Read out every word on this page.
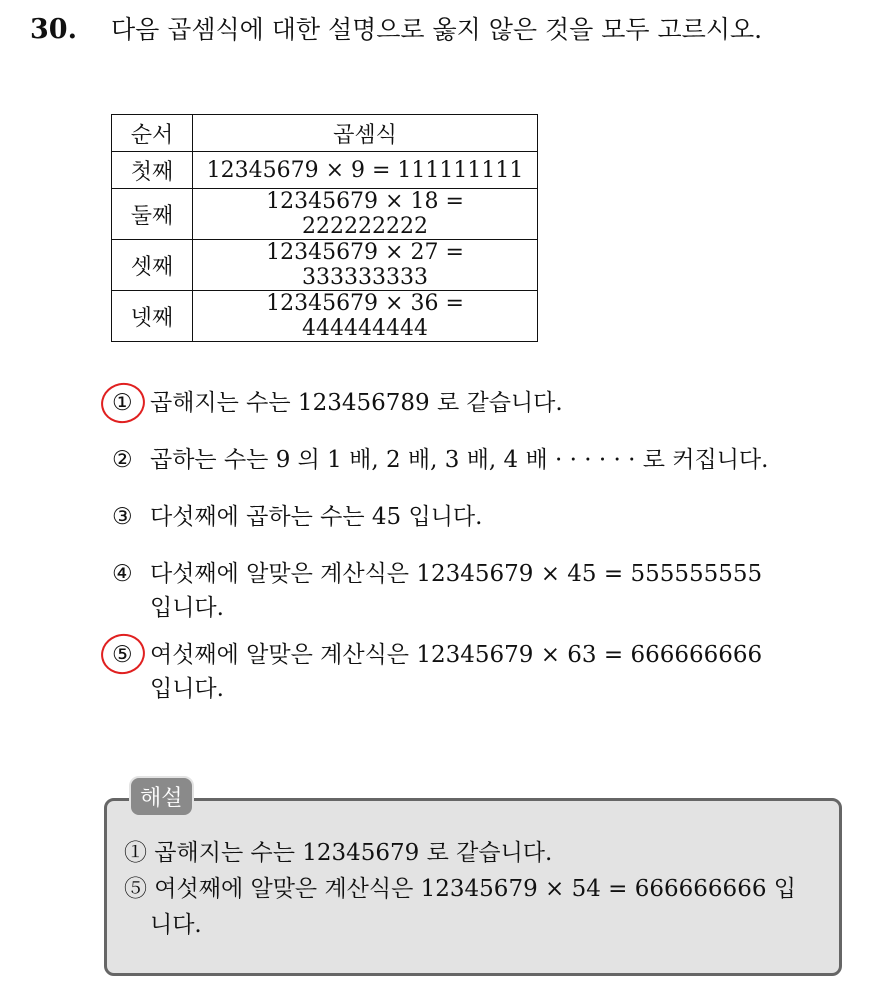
30. 다음 곱셈식에 대한 설명으로 옳지 않은 것을 모두 고르시오.
순서	곱셈식
첫째	12345679 × 9 = 111111111
둘째	12345679 × 18 = 222222222
셋째	12345679 × 27 = 333333333
넷째	12345679 × 36 = 444444444
① 곱해지는 수는 123456789 로 같습니다.
② 곱하는 수는 9 의 1 배, 2 배, 3 배, 4 배 · · · · · · 로 커집니다.
③ 다섯째에 곱하는 수는 45 입니다.
④ 다섯째에 알맞은 계산식은 12345679 × 45 = 555555555
입니다.
⑤ 여섯째에 알맞은 계산식은 12345679 × 63 = 666666666
입니다.
해설
① 곱해지는 수는 12345679 로 같습니다.
⑤ 여섯째에 알맞은 계산식은 12345679 × 54 = 666666666 입
니다.
